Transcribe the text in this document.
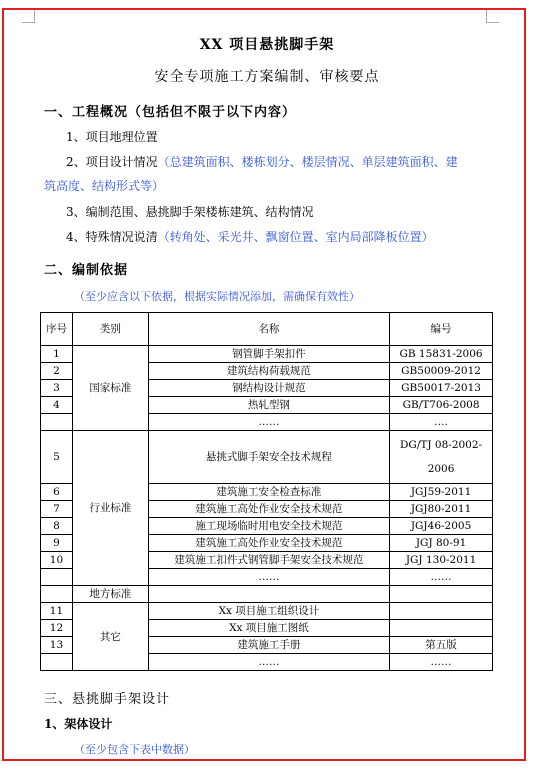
XX 项目悬挑脚手架
安全专项施工方案编制、审核要点
一、工程概况（包括但不限于以下内容）
1、项目地理位置
2、项目设计情况（总建筑面积、楼栋划分、楼层情况、单层建筑面积、建
筑高度、结构形式等）
3、编制范围、悬挑脚手架楼栋建筑、结构情况
4、特殊情况说清（转角处、采光井、飘窗位置、室内局部降板位置）
二、编制依据
（至少应含以下依据，根据实际情况添加，需确保有效性）
序号	类别	名称	编号
1	国家标准	钢管脚手架扣件	GB 15831-2006
2		建筑结构荷载规范	GB50009-2012
3		钢结构设计规范	GB50017-2013
4		热轧型钢	GB/T706-2008
		……	….
5	行业标准	悬挑式脚手架安全技术规程	DG/TJ 08-2002-
2006
6		建筑施工安全检查标准	JGJ59-2011
7		建筑施工高处作业安全技术规范	JGJ80-2011
8		施工现场临时用电安全技术规范	JGJ46-2005
9		建筑施工高处作业安全技术规范	JGJ 80-91
10		建筑施工扣件式钢管脚手架安全技术规范	JGJ 130-2011
		……	……
	地方标准		
11	其它	Xx 项目施工组织设计	
12		Xx 项目施工图纸	
13		建筑施工手册	第五版
		……	……
三、悬挑脚手架设计
1、架体设计
（至少包含下表中数据）
